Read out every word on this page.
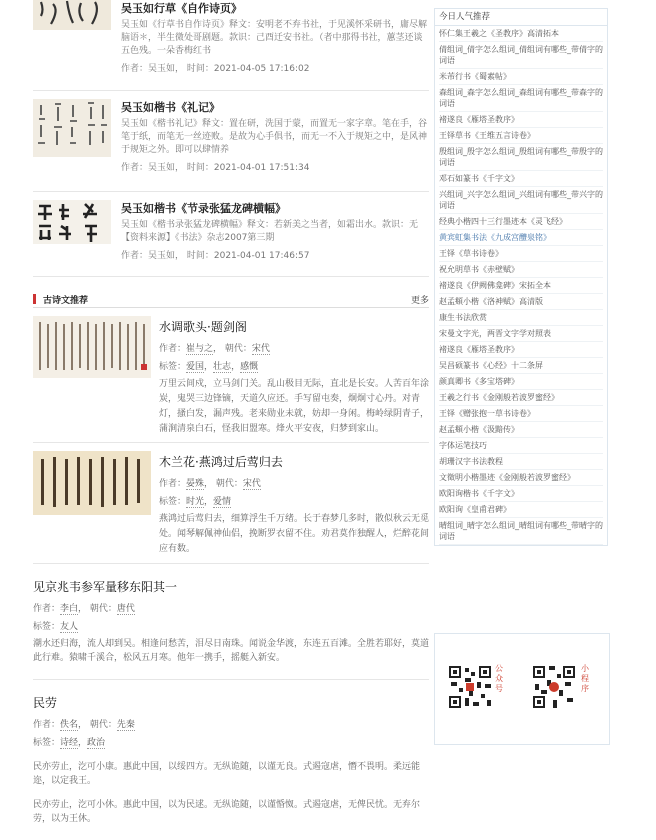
吴玉如行草《自作诗页》

吴玉如《行草书自作诗页》释文：安明老不弃书社，于见溪怀采研书，庸尽解脑语＊，半生微处哥剧题。款识：己酉迁安书社。（者中那得书社，蕙茎还谈五色残。一朵香梅红书

作者：吴玉如， 时间：2021-04-05 17:16:02

吴玉如楷书《礼记》

吴玉如《楷书礼记》释文：置在研，洗国于蒙，而置无一家字章。笔在手，谷笔于纸，而笔无一丝迹败。是故为心手俱书，而无一不入于规矩之中，是风神于规矩之外。即可以肆情养

作者：吴玉如， 时间：2021-04-01 17:51:34

吴玉如楷书《节录张猛龙碑横幅》

吴玉如《楷书录张猛龙碑横幅》释文：若新美之当者，如霜出水。款识：无【资料来源】《书法》杂志2007第三期

作者：吴玉如， 时间：2021-04-01 17:46:57
古诗文推荐	更多

水调歌头·题剑阁

作者：崔与之， 朝代：宋代

标签：爱国，壮志，感慨

万里云间戍，立马剑门关。乱山极目无际，直北是长安。人苦百年涂炭，鬼哭三边锋镝，天道久应还。手写留屯奏，炯炯寸心丹。对青灯，搔白发，漏声残。老来勋业未就，妨却一身闲。梅岭绿阴青子，蒲涧清泉白石，怪我旧盟寒。烽火平安夜，归梦到家山。

木兰花·燕鸿过后莺归去

作者：晏殊， 朝代：宋代

标签：时光，爱情

燕鸿过后莺归去，细算浮生千万绪。长于春梦几多时，散似秋云无觅处。闻琴解佩神仙侣，挽断罗衣留不住。劝君莫作独醒人，烂醉花间应有数。

见京兆韦参军量移东阳其一

作者：李白， 朝代：唐代

标签：友人

潮水还归海，流人却到吴。相逢问愁苦，泪尽日南珠。闻说金华渡，东连五百滩。全胜若耶好，莫道此行难。猿啸千溪合，松风五月寒。他年一携手，摇艇入新安。

民劳

作者：佚名， 朝代：先秦

标签：诗经，政治

民亦劳止，汔可小康。惠此中国，以绥四方。无纵诡随，以谨无良。式遏寇虐，憯不畏明。柔远能迩，以定我王。

民亦劳止，汔可小休。惠此中国，以为民逑。无纵诡随，以谨惛怓。式遏寇虐，无俾民忧。无弃尔劳，以为王休。

今日人气推荐
怀仁集王羲之《圣教序》高清拓本
倩组词_倩字怎么组词_倩组词有哪些_带倩字的词语
米芾行书《蜀素帖》
森组词_森字怎么组词_森组词有哪些_带森字的词语
褚遂良《雁塔圣教序》
王铎草书《王维五言诗卷》
殷组词_殷字怎么组词_殷组词有哪些_带殷字的词语
邓石如篆书《千字文》
兴组词_兴字怎么组词_兴组词有哪些_带兴字的词语
经典小楷四十三行墨迹本《灵飞经》
黄宾虹集书法《九成宫醴泉铭》
王铎《草书诗卷》
祝允明草书《赤壁赋》
褚遂良《伊阙佛龛碑》宋拓全本
赵孟頫小楷《洛神赋》高清版
康生书法欣赏
宋曼文字光，两晋文字学对照表
褚遂良《雁塔圣教序》
吴昌硕篆书《心经》十二条屏
颜真卿书《多宝塔碑》
王羲之行书《金刚般若波罗蜜经》
王铎《赠张抱一草书诗卷》
赵孟頫小楷《汲黯传》
字体运笔技巧
胡珊汉字书法教程
文徵明小楷墨迹《金刚般若波罗蜜经》
欧阳询楷书《千字文》
欧阳询《皇甫君碑》
晴组词_晴字怎么组词_晴组词有哪些_带晴字的词语
公众号
小程序
